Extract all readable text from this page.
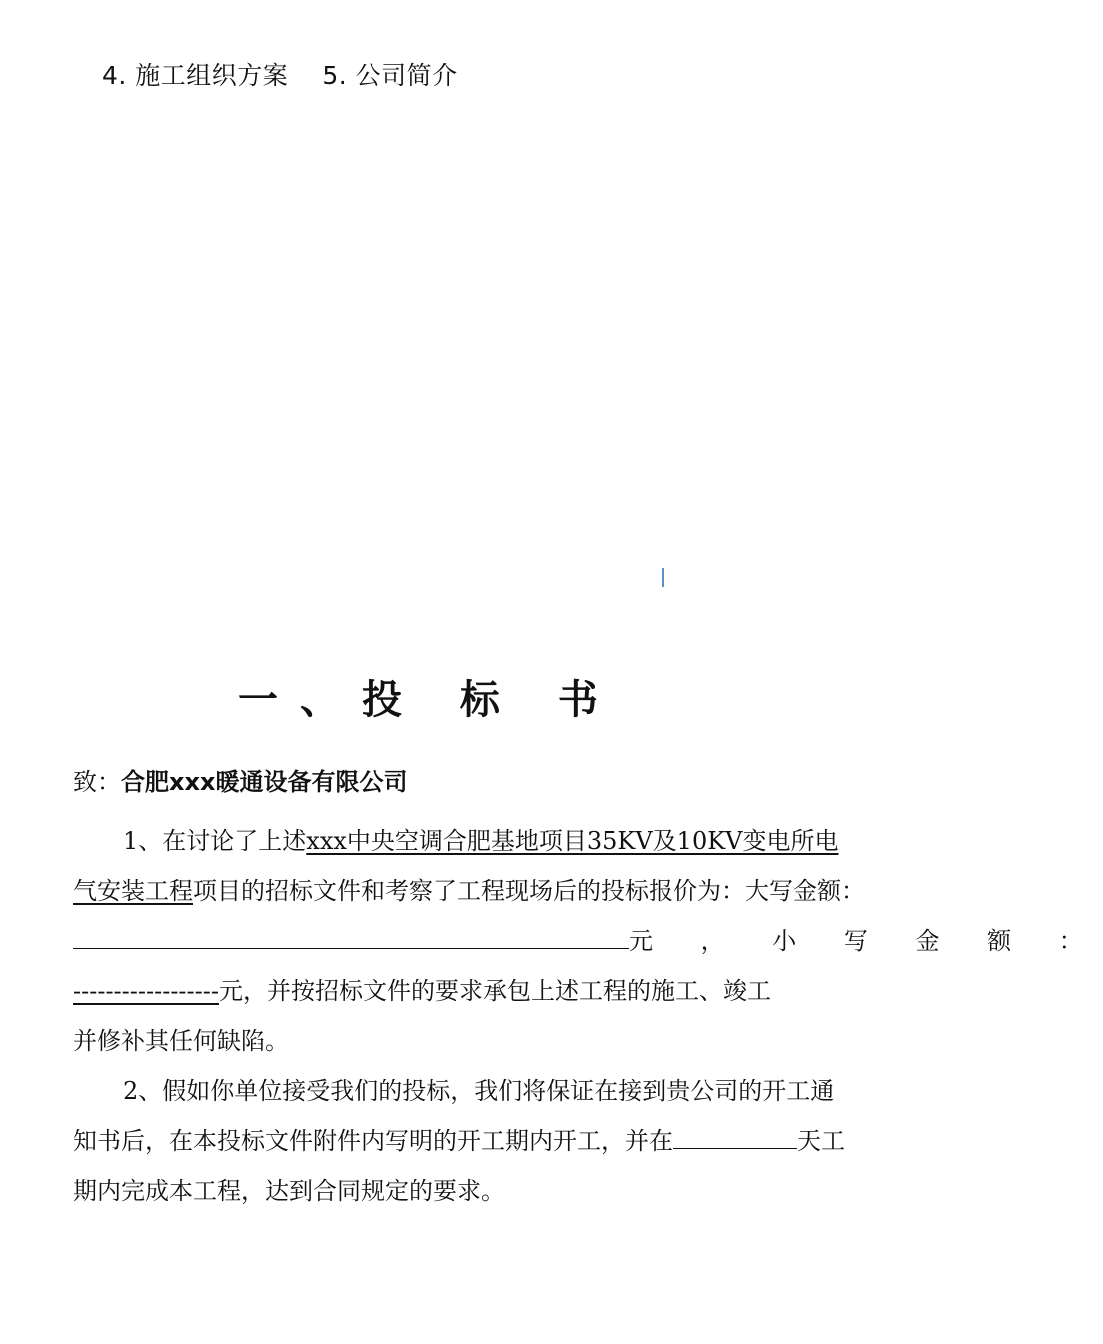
4. 施工组织方案 5. 公司简介
一、投 标 书
致：合肥xxx暖通设备有限公司
1、在讨论了上述xxx中央空调合肥基地项目35KV及10KV变电所电
气安装工程项目的招标文件和考察了工程现场后的投标报价为：大写金额：
元 ， 小 写 金 额 ：
------------------元，并按招标文件的要求承包上述工程的施工、竣工
并修补其任何缺陷。
2、假如你单位接受我们的投标，我们将保证在接到贵公司的开工通
知书后，在本投标文件附件内写明的开工期内开工，并在	天工
期内完成本工程，达到合同规定的要求。
